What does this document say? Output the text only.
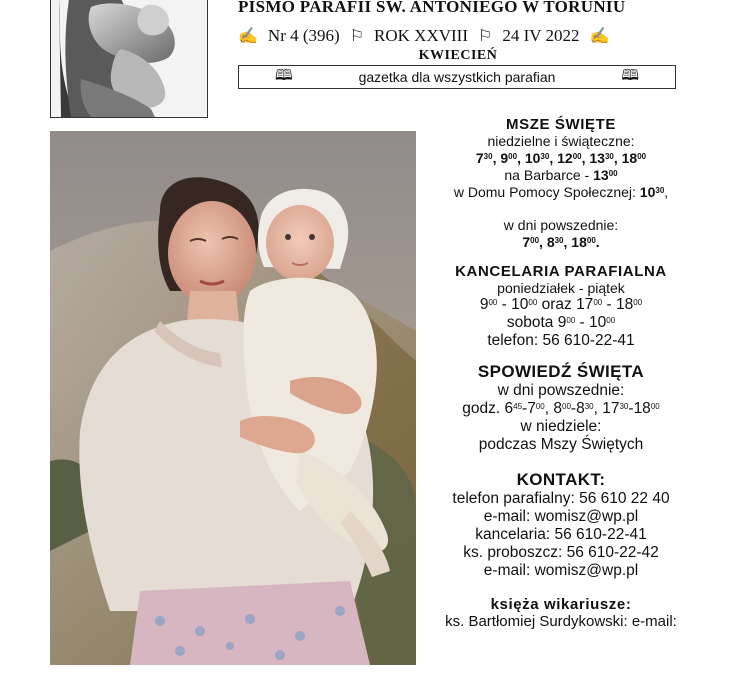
PISMO PARAFII SW. ANTONIEGO W TORUNIU
✍ Nr 4 (396) ⚐ ROK XXVIII ⚐ 24 IV 2022 ✍
KWIECIEŃ
🕮	gazetka dla wszystkich parafian	🕮

MSZE ŚWIĘTE

niedzielne i świąteczne:

$7^{30}$, $9^{00}$, $10^{30}$, $12^{00}$, $13^{30}$, $18^{00}$

na Barbarce - $13^{00}$

w Domu Pomocy Społecznej: $10^{30}$,

w dni powszednie:

$7^{00}$, $8^{30}$, $18^{00}$.

KANCELARIA PARAFIALNA

poniedziałek - piątek

$9^{00} - 10^{00}$ oraz $17^{00} - 18^{00}$

sobota $9^{00} - 10^{00}$

telefon: 56 610-22-41

SPOWIEDŹ ŚWIĘTA

w dni powszednie:

godz. $6^{45}-7^{00}$, $8^{00}-8^{30}$, $17^{30}-18^{00}$

w niedziele:

podczas Mszy Świętych

KONTAKT:

telefon parafialny: 56 610 22 40

e-mail: womisz@wp.pl

kancelaria: 56 610-22-41

ks. proboszcz: 56 610-22-42

e-mail: womisz@wp.pl

księża wikariusze:

ks. Bartłomiej Surdykowski: e-mail:
